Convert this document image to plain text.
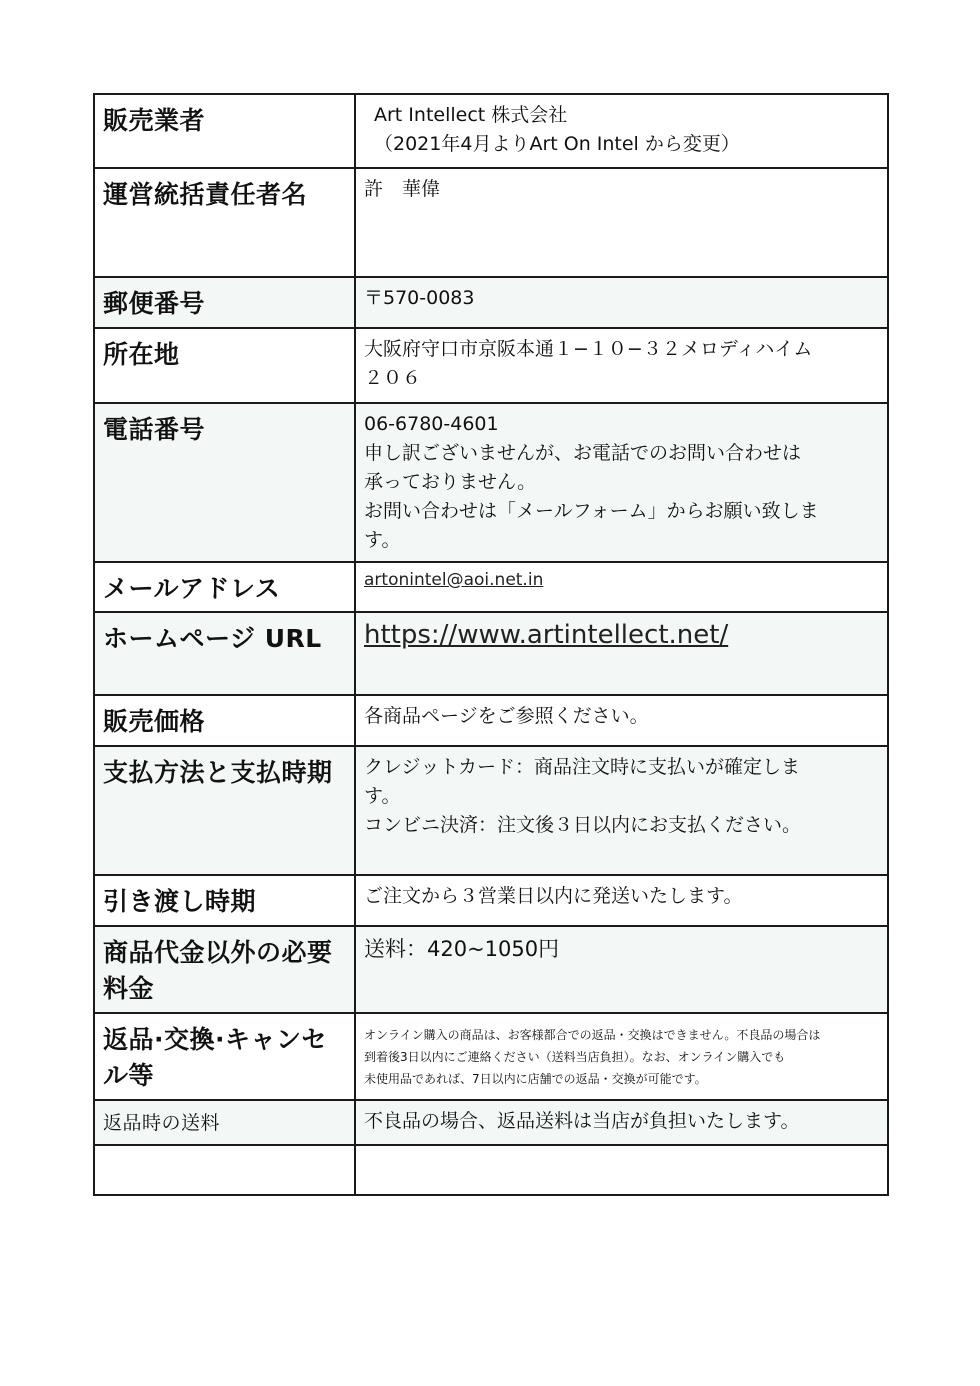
販売業者	Art Intellect 株式会社
（2021年4月よりArt On Intel から変更）

運営統括責任者名	許　華偉

郵便番号	〒570-0083

所在地	大阪府守口市京阪本通１−１０−３２メロディハイム
２０６

電話番号	06-6780-4601
申し訳ございませんが、お電話でのお問い合わせは
承っておりません。
お問い合わせは「メールフォーム」からお願い致しま
す。

メールアドレス	artonintel@aoi.net.in

ホームページ URL	https://www.artintellect.net/

販売価格	各商品ページをご参照ください。

支払方法と支払時期	クレジットカード：商品注文時に支払いが確定しま
す。
コンビニ決済：注文後３日以内にお支払ください。

引き渡し時期	ご注文から３営業日以内に発送いたします。

商品代金以外の必要
料金	送料：420~1050円

返品·交換·キャンセ
ル等	オンライン購入の商品は、お客様都合での返品・交換はできません。不良品の場合は
到着後3日以内にご連絡ください（送料当店負担）。なお、オンライン購入でも
未使用品であれば、7日以内に店舗での返品・交換が可能です。

返品時の送料	不良品の場合、返品送料は当店が負担いたします。
